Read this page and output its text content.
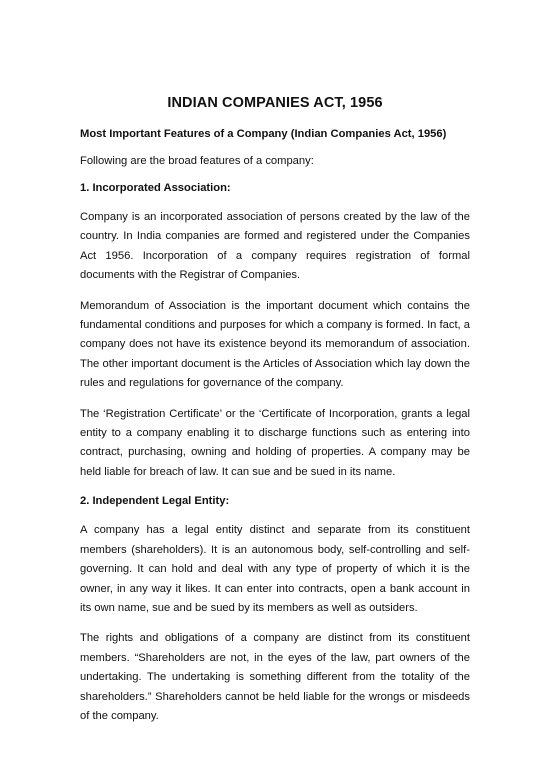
INDIAN COMPANIES ACT, 1956
Most Important Features of a Company (Indian Companies Act, 1956)
Following are the broad features of a company:
1. Incorporated Association:

Company is an incorporated association of persons created by the law of the country. In India companies are formed and registered under the Companies Act 1956. Incorporation of a company requires registration of formal documents with the Registrar of Companies.

Memorandum of Association is the important document which contains the fundamental conditions and purposes for which a company is formed. In fact, a company does not have its existence beyond its memorandum of association. The other important document is the Articles of Association which lay down the rules and regulations for governance of the company.

The ‘Registration Certificate’ or the ‘Certificate of Incorporation, grants a legal entity to a company enabling it to discharge functions such as entering into contract, purchasing, owning and holding of properties. A company may be held liable for breach of law. It can sue and be sued in its name.

2. Independent Legal Entity:

A company has a legal entity distinct and separate from its constituent members (shareholders). It is an autonomous body, self-controlling and self-governing. It can hold and deal with any type of property of which it is the owner, in any way it likes. It can enter into contracts, open a bank account in its own name, sue and be sued by its members as well as outsiders.

The rights and obligations of a company are distinct from its constituent members. “Shareholders are not, in the eyes of the law, part owners of the undertaking. The undertaking is something different from the totality of the shareholders.” Shareholders cannot be held liable for the wrongs or misdeeds of the company.
